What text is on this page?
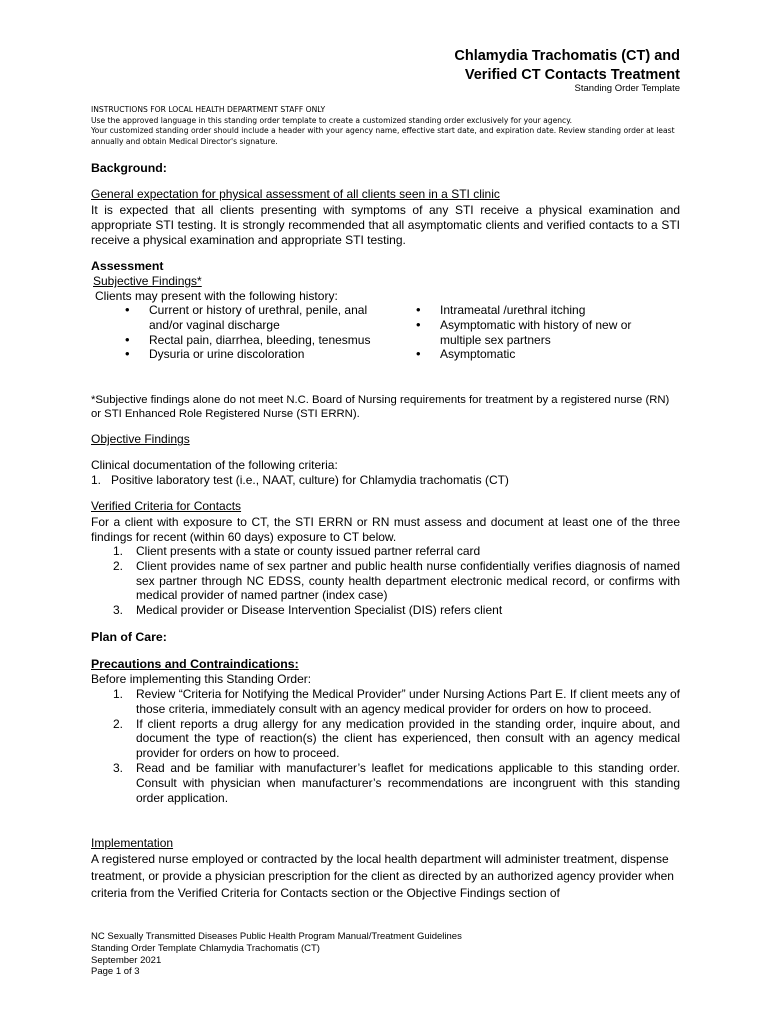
Chlamydia Trachomatis (CT) and
Verified CT Contacts Treatment
Standing Order Template
INSTRUCTIONS FOR LOCAL HEALTH DEPARTMENT STAFF ONLY
Use the approved language in this standing order template to create a customized standing order exclusively for your agency.
Your customized standing order should include a header with your agency name, effective start date, and expiration date. Review standing order at least annually and obtain Medical Director's signature.
Background:
General expectation for physical assessment of all clients seen in a STI clinic
It is expected that all clients presenting with symptoms of any STI receive a physical examination and appropriate STI testing. It is strongly recommended that all asymptomatic clients and verified contacts to a STI receive a physical examination and appropriate STI testing.
Assessment
Subjective Findings*
Clients may present with the following history:
• Current or history of urethral, penile, anal and/or vaginal discharge
• Rectal pain, diarrhea, bleeding, tenesmus
• Dysuria or urine discoloration
• Intrameatal /urethral itching
• Asymptomatic with history of new or multiple sex partners
• Asymptomatic
*Subjective findings alone do not meet N.C. Board of Nursing requirements for treatment by a registered nurse (RN) or STI Enhanced Role Registered Nurse (STI ERRN).
Objective Findings
Clinical documentation of the following criteria:
1. Positive laboratory test (i.e., NAAT, culture) for Chlamydia trachomatis (CT)
Verified Criteria for Contacts
For a client with exposure to CT, the STI ERRN or RN must assess and document at least one of the three findings for recent (within 60 days) exposure to CT below.
1. Client presents with a state or county issued partner referral card
2. Client provides name of sex partner and public health nurse confidentially verifies diagnosis of named sex partner through NC EDSS, county health department electronic medical record, or confirms with medical provider of named partner (index case)
3. Medical provider or Disease Intervention Specialist (DIS) refers client
Plan of Care:
Precautions and Contraindications:
Before implementing this Standing Order:
1. Review “Criteria for Notifying the Medical Provider” under Nursing Actions Part E. If client meets any of those criteria, immediately consult with an agency medical provider for orders on how to proceed.
2. If client reports a drug allergy for any medication provided in the standing order, inquire about, and document the type of reaction(s) the client has experienced, then consult with an agency medical provider for orders on how to proceed.
3. Read and be familiar with manufacturer’s leaflet for medications applicable to this standing order. Consult with physician when manufacturer’s recommendations are incongruent with this standing order application.
Implementation
A registered nurse employed or contracted by the local health department will administer treatment, dispense treatment, or provide a physician prescription for the client as directed by an authorized agency provider when criteria from the Verified Criteria for Contacts section or the Objective Findings section of
NC Sexually Transmitted Diseases Public Health Program Manual/Treatment Guidelines
Standing Order Template Chlamydia Trachomatis (CT)
September 2021
Page 1 of 3
